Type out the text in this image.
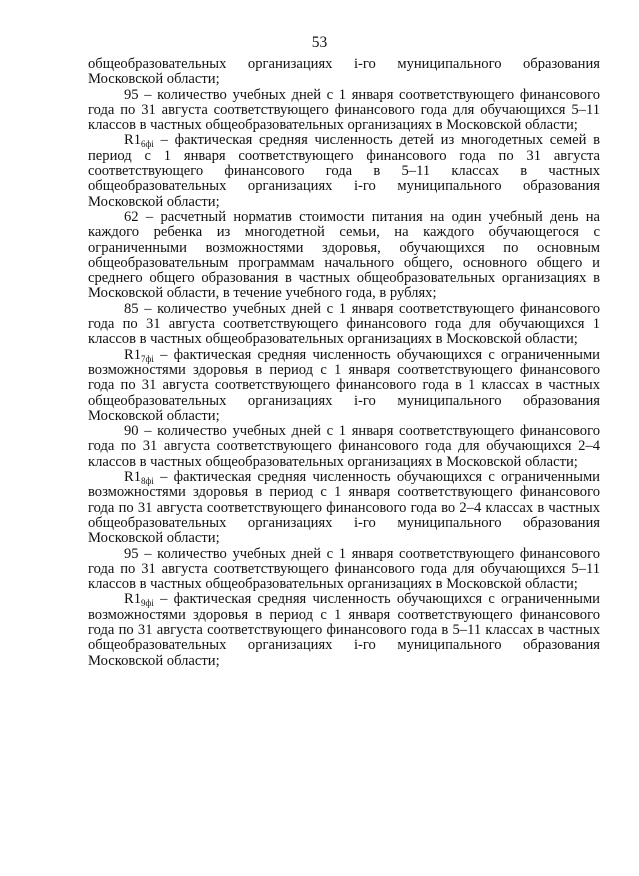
53

общеобразовательных организациях i-го муниципального образования Московской области;

95 – количество учебных дней с 1 января соответствующего финансового года по 31 августа соответствующего финансового года для обучающихся 5–11 классов в частных общеобразовательных организациях в Московской области;

$R1_{6фi}$ – фактическая средняя численность детей из многодетных семей в период с 1 января соответствующего финансового года по 31 августа соответствующего финансового года в 5–11 классах в частных общеобразовательных организациях i-го муниципального образования Московской области;

62 – расчетный норматив стоимости питания на один учебный день на каждого ребенка из многодетной семьи, на каждого обучающегося с ограниченными возможностями здоровья, обучающихся по основным общеобразовательным программам начального общего, основного общего и среднего общего образования в частных общеобразовательных организациях в Московской области, в течение учебного года, в рублях;

85 – количество учебных дней с 1 января соответствующего финансового года по 31 августа соответствующего финансового года для обучающихся 1 классов в частных общеобразовательных организациях в Московской области;

$R1_{7фi}$ – фактическая средняя численность обучающихся с ограниченными возможностями здоровья в период с 1 января соответствующего финансового года по 31 августа соответствующего финансового года в 1 классах в частных общеобразовательных организациях i-го муниципального образования Московской области;

90 – количество учебных дней с 1 января соответствующего финансового года по 31 августа соответствующего финансового года для обучающихся 2–4 классов в частных общеобразовательных организациях в Московской области;

$R1_{8фi}$ – фактическая средняя численность обучающихся с ограниченными возможностями здоровья в период с 1 января соответствующего финансового года по 31 августа соответствующего финансового года во 2–4 классах в частных общеобразовательных организациях i-го муниципального образования Московской области;

95 – количество учебных дней с 1 января соответствующего финансового года по 31 августа соответствующего финансового года для обучающихся 5–11 классов в частных общеобразовательных организациях в Московской области;

$R1_{9фi}$ – фактическая средняя численность обучающихся с ограниченными возможностями здоровья в период с 1 января соответствующего финансового года по 31 августа соответствующего финансового года в 5–11 классах в частных общеобразовательных организациях i-го муниципального образования Московской области;
